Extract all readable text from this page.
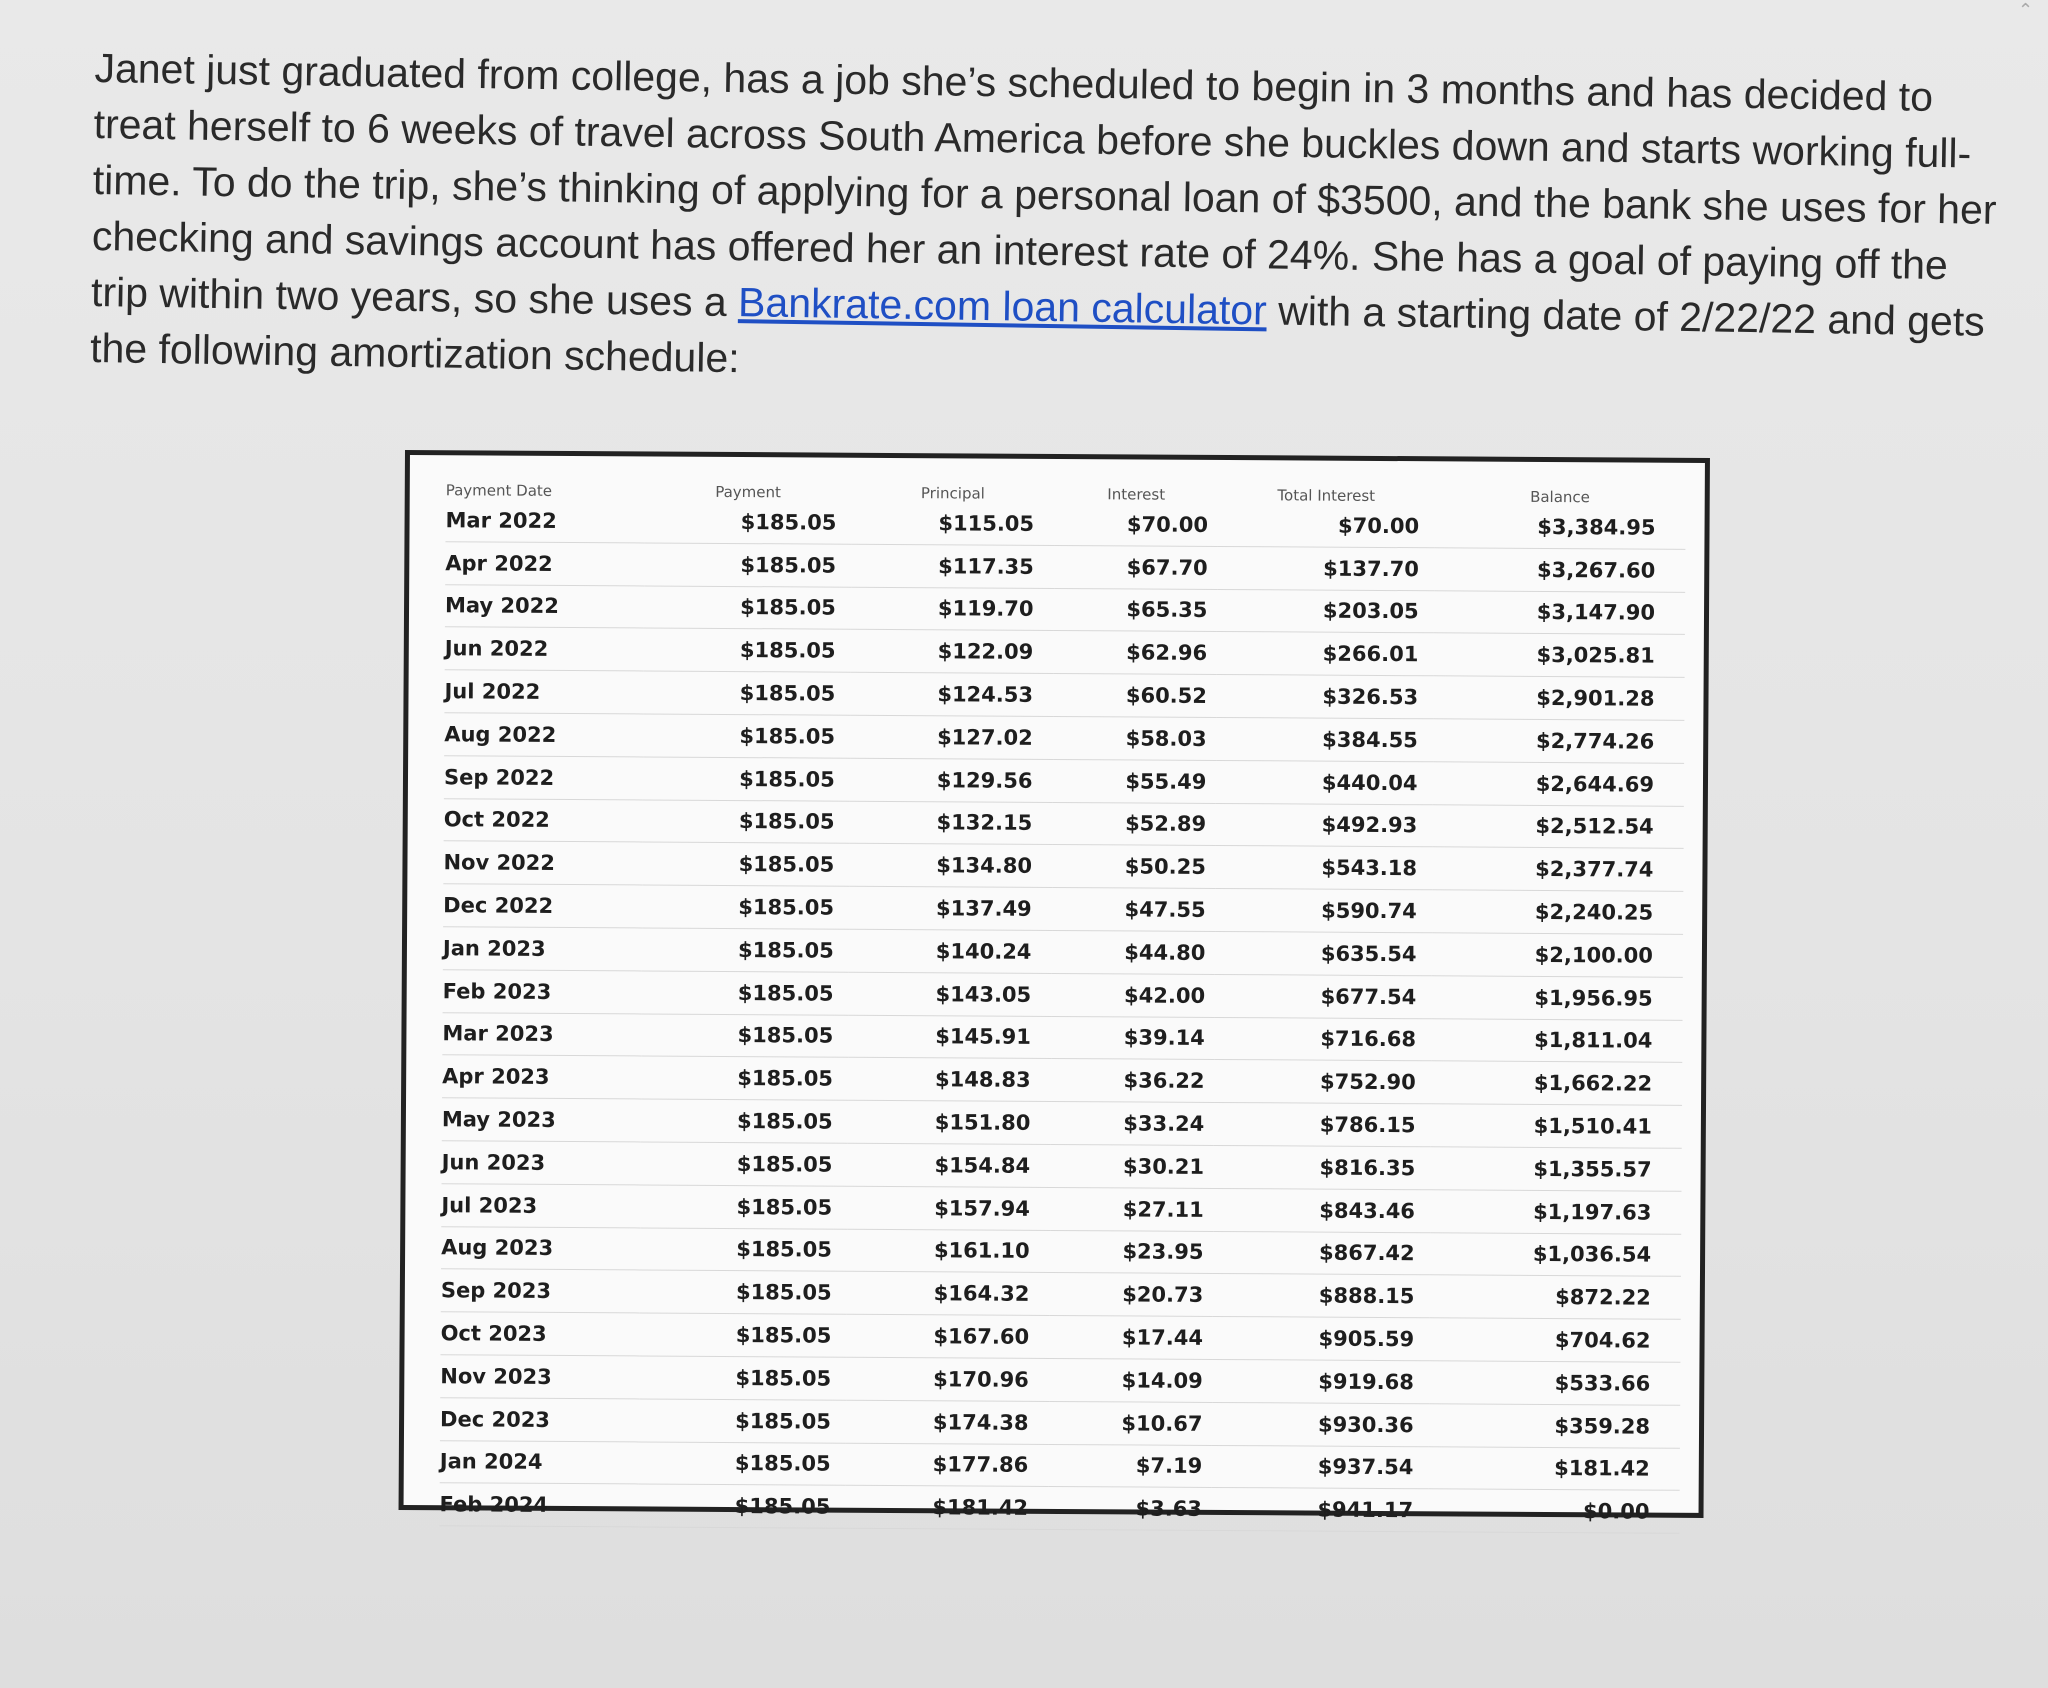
⌃
Janet just graduated from college, has a job she’s scheduled to begin in 3 months and has decided to treat herself to 6 weeks of travel across South America before she buckles down and starts working full-time. To do the trip, she’s thinking of applying for a personal loan of $3500, and the bank she uses for her checking and savings account has offered her an interest rate of 24%. She has a goal of paying off the trip within two years, so she uses a Bankrate.com loan calculator with a starting date of 2/22/22 and gets the following amortization schedule:
Payment Date	Payment	Principal	Interest	Total Interest	Balance
Mar 2022	$185.05	$115.05	$70.00	$70.00	$3,384.95
Apr 2022	$185.05	$117.35	$67.70	$137.70	$3,267.60
May 2022	$185.05	$119.70	$65.35	$203.05	$3,147.90
Jun 2022	$185.05	$122.09	$62.96	$266.01	$3,025.81
Jul 2022	$185.05	$124.53	$60.52	$326.53	$2,901.28
Aug 2022	$185.05	$127.02	$58.03	$384.55	$2,774.26
Sep 2022	$185.05	$129.56	$55.49	$440.04	$2,644.69
Oct 2022	$185.05	$132.15	$52.89	$492.93	$2,512.54
Nov 2022	$185.05	$134.80	$50.25	$543.18	$2,377.74
Dec 2022	$185.05	$137.49	$47.55	$590.74	$2,240.25
Jan 2023	$185.05	$140.24	$44.80	$635.54	$2,100.00
Feb 2023	$185.05	$143.05	$42.00	$677.54	$1,956.95
Mar 2023	$185.05	$145.91	$39.14	$716.68	$1,811.04
Apr 2023	$185.05	$148.83	$36.22	$752.90	$1,662.22
May 2023	$185.05	$151.80	$33.24	$786.15	$1,510.41
Jun 2023	$185.05	$154.84	$30.21	$816.35	$1,355.57
Jul 2023	$185.05	$157.94	$27.11	$843.46	$1,197.63
Aug 2023	$185.05	$161.10	$23.95	$867.42	$1,036.54
Sep 2023	$185.05	$164.32	$20.73	$888.15	$872.22
Oct 2023	$185.05	$167.60	$17.44	$905.59	$704.62
Nov 2023	$185.05	$170.96	$14.09	$919.68	$533.66
Dec 2023	$185.05	$174.38	$10.67	$930.36	$359.28
Jan 2024	$185.05	$177.86	$7.19	$937.54	$181.42
Feb 2024	$185.05	$181.42	$3.63	$941.17	$0.00
